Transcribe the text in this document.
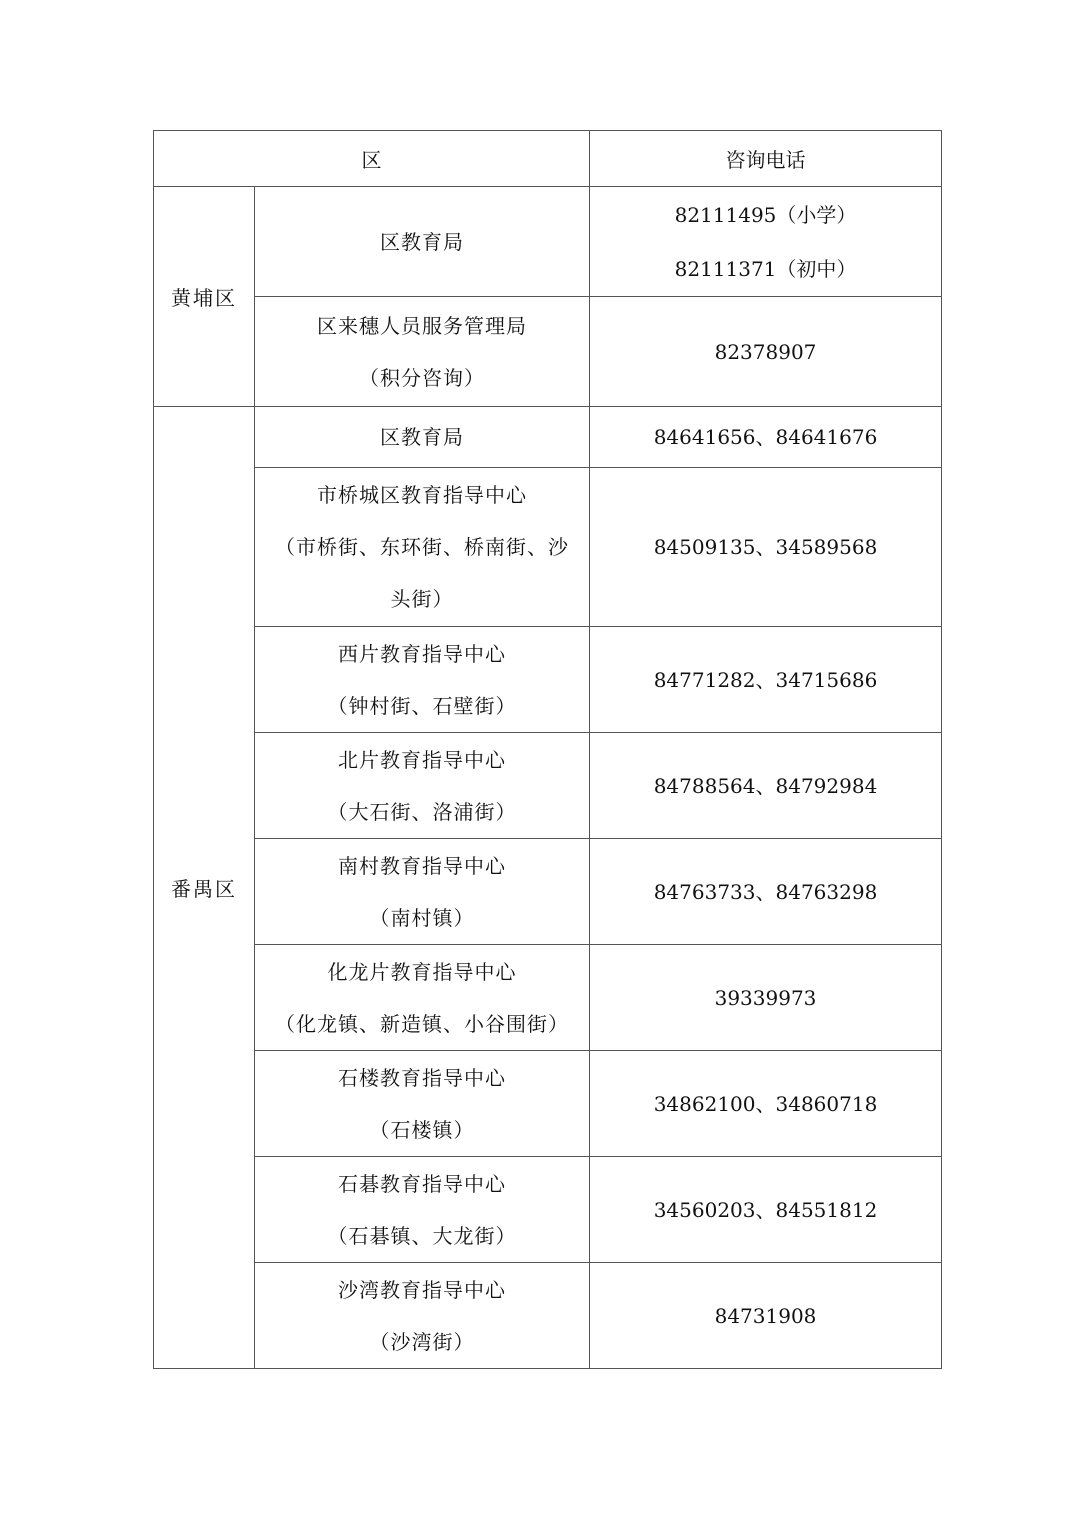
区		咨询电话
黄埔区	区教育局	82111495（小学）
82111371（初中）

	区来穗人员服务管理局
（积分咨询）	82378907

番禺区	区教育局	84641656、84641676

	市桥城区教育指导中心
（市桥街、东环街、桥南街、沙
头街）	84509135、34589568

	西片教育指导中心
（钟村街、石壁街）	84771282、34715686

	北片教育指导中心
（大石街、洛浦街）	84788564、84792984

	南村教育指导中心
（南村镇）	84763733、84763298

	化龙片教育指导中心
（化龙镇、新造镇、小谷围街）	39339973

	石楼教育指导中心
（石楼镇）	34862100、34860718

	石碁教育指导中心
（石碁镇、大龙街）	34560203、84551812

	沙湾教育指导中心
（沙湾街）	84731908
